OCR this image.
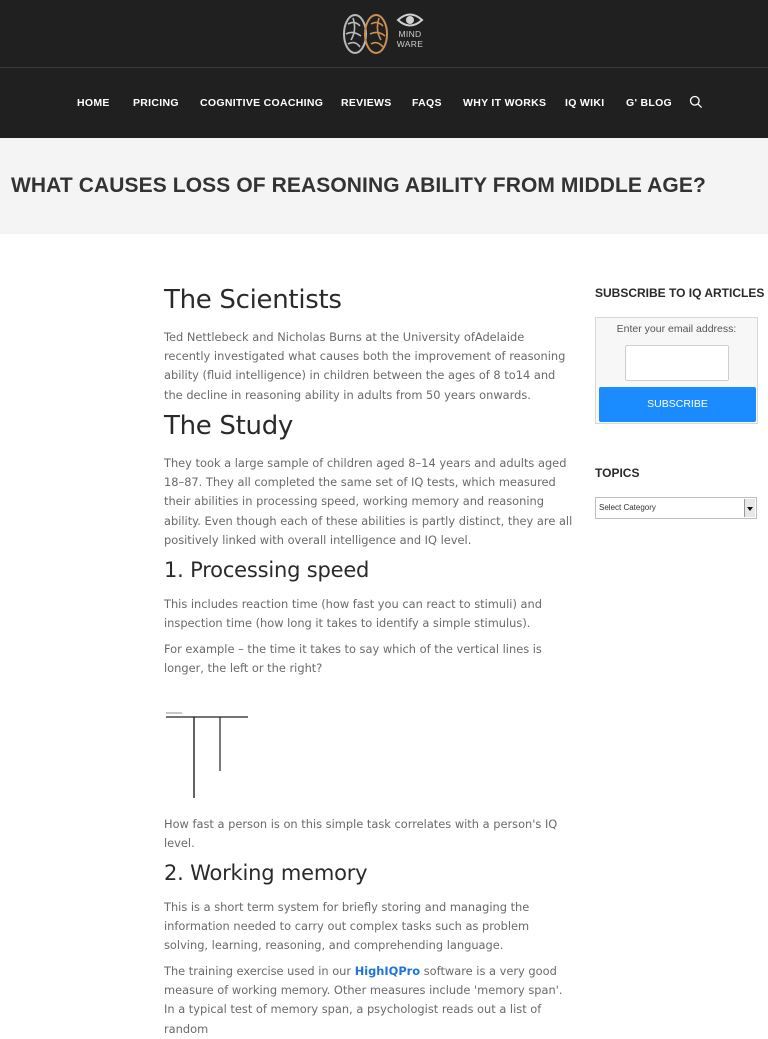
MIND
WARE
HOME PRICING COGNITIVE COACHING REVIEWS FAQS WHY IT WORKS IQ WIKI G' BLOG
WHAT CAUSES LOSS OF REASONING ABILITY FROM MIDDLE AGE?
The Scientists

Ted Nettlebeck and Nicholas Burns at the University ofAdelaide recently investigated what causes both the improvement of reasoning ability (fluid intelligence) in children between the ages of 8 to14 and the decline in reasoning ability in adults from 50 years onwards.

The Study

They took a large sample of children aged 8–14 years and adults aged 18–87. They all completed the same set of IQ tests, which measured their abilities in processing speed, working memory and reasoning ability. Even though each of these abilities is partly distinct, they are all positively linked with overall intelligence and IQ level.

1. Processing speed

This includes reaction time (how fast you can react to stimuli) and inspection time (how long it takes to identify a simple stimulus).

For example – the time it takes to say which of the vertical lines is longer, the left or the right?

How fast a person is on this simple task correlates with a person's IQ level.

2. Working memory

This is a short term system for briefly storing and managing the information needed to carry out complex tasks such as problem solving, learning, reasoning, and comprehending language.

The training exercise used in our HighIQPro software is a very good measure of working memory. Other measures include 'memory span'. In a typical test of memory span, a psychologist reads out a list of random

SUBSCRIBE TO IQ ARTICLES
Enter your email address:
SUBSCRIBE
TOPICS
Select Category
